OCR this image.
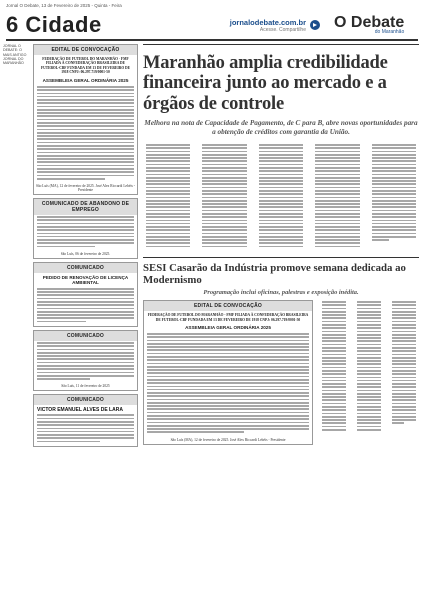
Jornal O Debate, 13 de Fevereiro de 2025 - Quinta - Feira
6 Cidade	jornalodebate.com.br
Acesse. Compartilhe O Debate
do Maranhão
JORNAL O DEBATE: O MAIS ANTIGO JORNAL DO MARANHÃO
EDITAL DE CONVOCAÇÃO
FEDERAÇÃO DE FUTEBOL DO MARANHÃO - FMF FILIADA À CONFEDERAÇÃO BRASILEIRA DE FUTEBOL-CBF FUNDADA EM 13 DE FEVEREIRO DE 1918 CNPJ: 06.297.719/0001-50
ASSEMBLEIA GERAL ORDINÁRIA 2025
São Luís (MA), 12 de fevereiro de 2025. José Alex Riccardi Lebéis - Presidente
COMUNICADO DE ABANDONO DE EMPREGO
São Luís, 06 de fevereiro de 2025.
COMUNICADO
PEDIDO DE RENOVAÇÃO DE LICENÇA AMBIENTAL
COMUNICADO
São Luís, 11 de fevereiro de 2025
COMUNICADO
VICTOR EMANUEL ALVES DE LARA
Maranhão amplia credibilidade financeira junto ao mercado e a órgãos de controle
Melhora na nota de Capacidade de Pagamento, de C para B, abre novas oportunidades para a obtenção de créditos com garantia da União.
SESI Casarão da Indústria promove semana dedicada ao Modernismo
Programação inclui oficinas, palestras e exposição inédita.
EDITAL DE CONVOCAÇÃO
FEDERAÇÃO DE FUTEBOL DO MARANHÃO - FMF FILIADA À CONFEDERAÇÃO BRASILEIRA DE FUTEBOL-CBF FUNDADA EM 13 DE FEVEREIRO DE 1918 CNPJ: 06.297.719/0001-50
ASSEMBLEIA GERAL ORDINÁRIA 2025
São Luís (MA), 12 de fevereiro de 2025. José Alex Riccardi Lebéis - Presidente
